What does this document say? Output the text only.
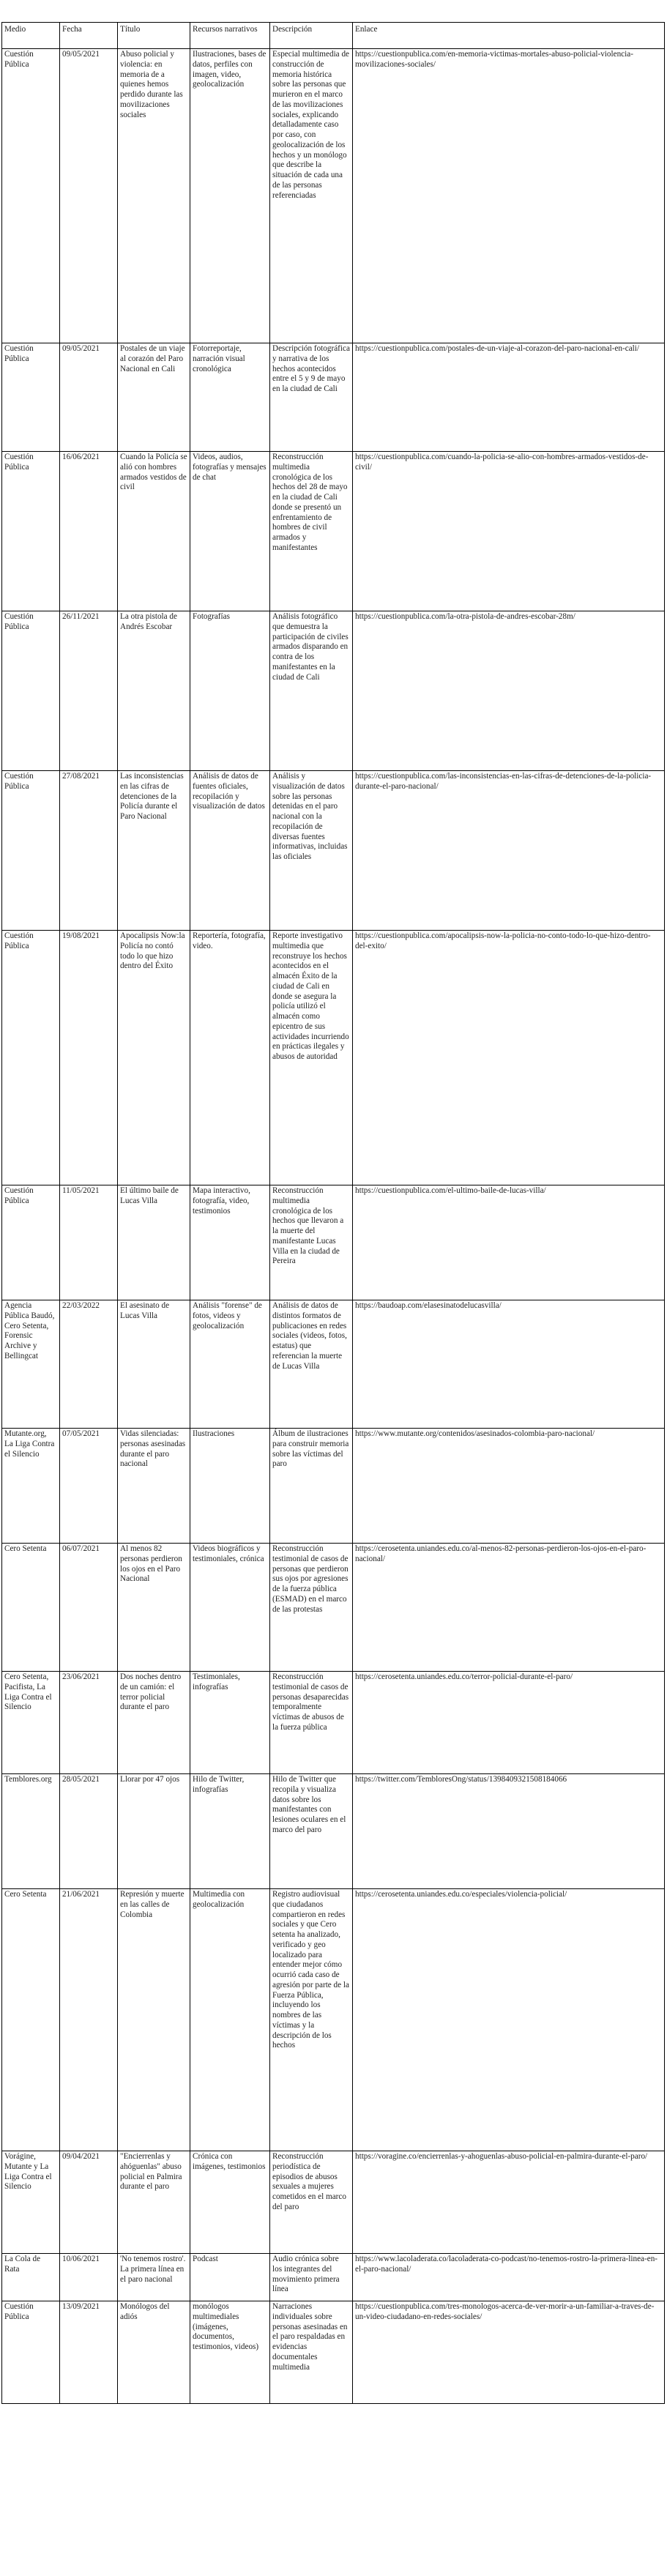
Medio	Fecha	Título	Recursos narrativos	Descripción	Enlace
Cuestión Pública	09/05/2021	Abuso policial y violencia: en memoria de a quienes hemos perdido durante las movilizaciones sociales	Ilustraciones, bases de datos, perfiles con imagen, video, geolocalización	Especial multimedia de construcción de memoria histórica sobre las personas que murieron en el marco de las movilizaciones sociales, explicando detalladamente caso por caso, con geolocalización de los hechos y un monólogo que describe la situación de cada una de las personas referenciadas	https://cuestionpublica.com/en-memoria-victimas-mortales-abuso-policial-violencia-movilizaciones-sociales/
Cuestión Pública	09/05/2021	Postales de un viaje al corazón del Paro Nacional en Cali	Fotorreportaje, narración visual cronológica	Descripción fotográfica y narrativa de los hechos acontecidos entre el 5 y 9 de mayo en la ciudad de Cali	https://cuestionpublica.com/postales-de-un-viaje-al-corazon-del-paro-nacional-en-cali/
Cuestión Pública	16/06/2021	Cuando la Policía se alió con hombres armados vestidos de civil	Videos, audios, fotografías y mensajes de chat	Reconstrucción multimedia cronológica de los hechos del 28 de mayo en la ciudad de Cali donde se presentó un enfrentamiento de hombres de civil armados y manifestantes	https://cuestionpublica.com/cuando-la-policia-se-alio-con-hombres-armados-vestidos-de-civil/
Cuestión Pública	26/11/2021	La otra pistola de Andrés Escobar	Fotografías	Análisis fotográfico que demuestra la participación de civiles armados disparando en contra de los manifestantes en la ciudad de Cali	https://cuestionpublica.com/la-otra-pistola-de-andres-escobar-28m/
Cuestión Pública	27/08/2021	Las inconsistencias en las cifras de detenciones de la Policía durante el Paro Nacional	Análisis de datos de fuentes oficiales, recopilación y visualización de datos	Análisis y visualización de datos sobre las personas detenidas en el paro nacional con la recopilación de diversas fuentes informativas, incluidas las oficiales	https://cuestionpublica.com/las-inconsistencias-en-las-cifras-de-detenciones-de-la-policia-durante-el-paro-nacional/
Cuestión Pública	19/08/2021	Apocalipsis Now:la Policía no contó todo lo que hizo dentro del Éxito	Reportería, fotografía, video.	Reporte investigativo multimedia que reconstruye los hechos acontecidos en el almacén Éxito de la ciudad de Cali en donde se asegura la policía utilizó el almacén como epicentro de sus actividades incurriendo en prácticas ilegales y abusos de autoridad	https://cuestionpublica.com/apocalipsis-now-la-policia-no-conto-todo-lo-que-hizo-dentro-del-exito/
Cuestión Pública	11/05/2021	El último baile de Lucas Villa	Mapa interactivo, fotografía, video, testimonios	Reconstrucción multimedia cronológica de los hechos que llevaron a la muerte del manifestante Lucas Villa en la ciudad de Pereira	https://cuestionpublica.com/el-ultimo-baile-de-lucas-villa/
Agencia Pública Baudó, Cero Setenta, Forensic Archive y Bellingcat	22/03/2022	El asesinato de Lucas Villa	Análisis "forense" de fotos, videos y geolocalización	Análisis de datos de distintos formatos de publicaciones en redes sociales (videos, fotos, estatus) que referencian la muerte de Lucas Villa	https://baudoap.com/elasesinatodelucasvilla/
Mutante.org, La Liga Contra el Silencio	07/05/2021	Vidas silenciadas: personas asesinadas durante el paro nacional	Ilustraciones	Álbum de ilustraciones para construir memoria sobre las víctimas del paro	https://www.mutante.org/contenidos/asesinados-colombia-paro-nacional/
Cero Setenta	06/07/2021	Al menos 82 personas perdieron los ojos en el Paro Nacional	Videos biográficos y testimoniales, crónica	Reconstrucción testimonial de casos de personas que perdieron sus ojos por agresiones de la fuerza pública (ESMAD) en el marco de las protestas	https://cerosetenta.uniandes.edu.co/al-menos-82-personas-perdieron-los-ojos-en-el-paro-nacional/
Cero Setenta, Pacifista, La Liga Contra el Silencio	23/06/2021	Dos noches dentro de un camión: el terror policial durante el paro	Testimoniales, infografías	Reconstrucción testimonial de casos de personas desaparecidas temporalmente víctimas de abusos de la fuerza pública	https://cerosetenta.uniandes.edu.co/terror-policial-durante-el-paro/
Temblores.org	28/05/2021	Llorar por 47 ojos	Hilo de Twitter, infografías	Hilo de Twitter que recopila y visualiza datos sobre los manifestantes con lesiones oculares en el marco del paro	https://twitter.com/TembloresOng/status/1398409321508184066
Cero Setenta	21/06/2021	Represión y muerte en las calles de Colombia	Multimedia con geolocalización	Registro audiovisual que ciudadanos compartieron en redes sociales y que Cero setenta ha analizado, verificado y geo localizado para entender mejor cómo ocurrió cada caso de agresión por parte de la Fuerza Pública, incluyendo los nombres de las víctimas y la descripción de los hechos	https://cerosetenta.uniandes.edu.co/especiales/violencia-policial/
Vorágine, Mutante y La Liga Contra el Silencio	09/04/2021	"Encierrenlas y ahóguenlas" abuso policial en Palmira durante el paro	Crónica con imágenes, testimonios	Reconstrucción periodística de episodios de abusos sexuales a mujeres cometidos en el marco del paro	https://voragine.co/encierrenlas-y-ahoguenlas-abuso-policial-en-palmira-durante-el-paro/
La Cola de Rata	10/06/2021	'No tenemos rostro'. La primera línea en el paro nacional	Podcast	Audio crónica sobre los integrantes del movimiento primera línea	https://www.lacoladerata.co/lacoladerata-co-podcast/no-tenemos-rostro-la-primera-linea-en-el-paro-nacional/
Cuestión Pública	13/09/2021	Monólogos del adiós	monólogos multimediales (imágenes, documentos, testimonios, videos)	Narraciones individuales sobre personas asesinadas en el paro respaldadas en evidencias documentales multimedia	https://cuestionpublica.com/tres-monologos-acerca-de-ver-morir-a-un-familiar-a-traves-de-un-video-ciudadano-en-redes-sociales/
